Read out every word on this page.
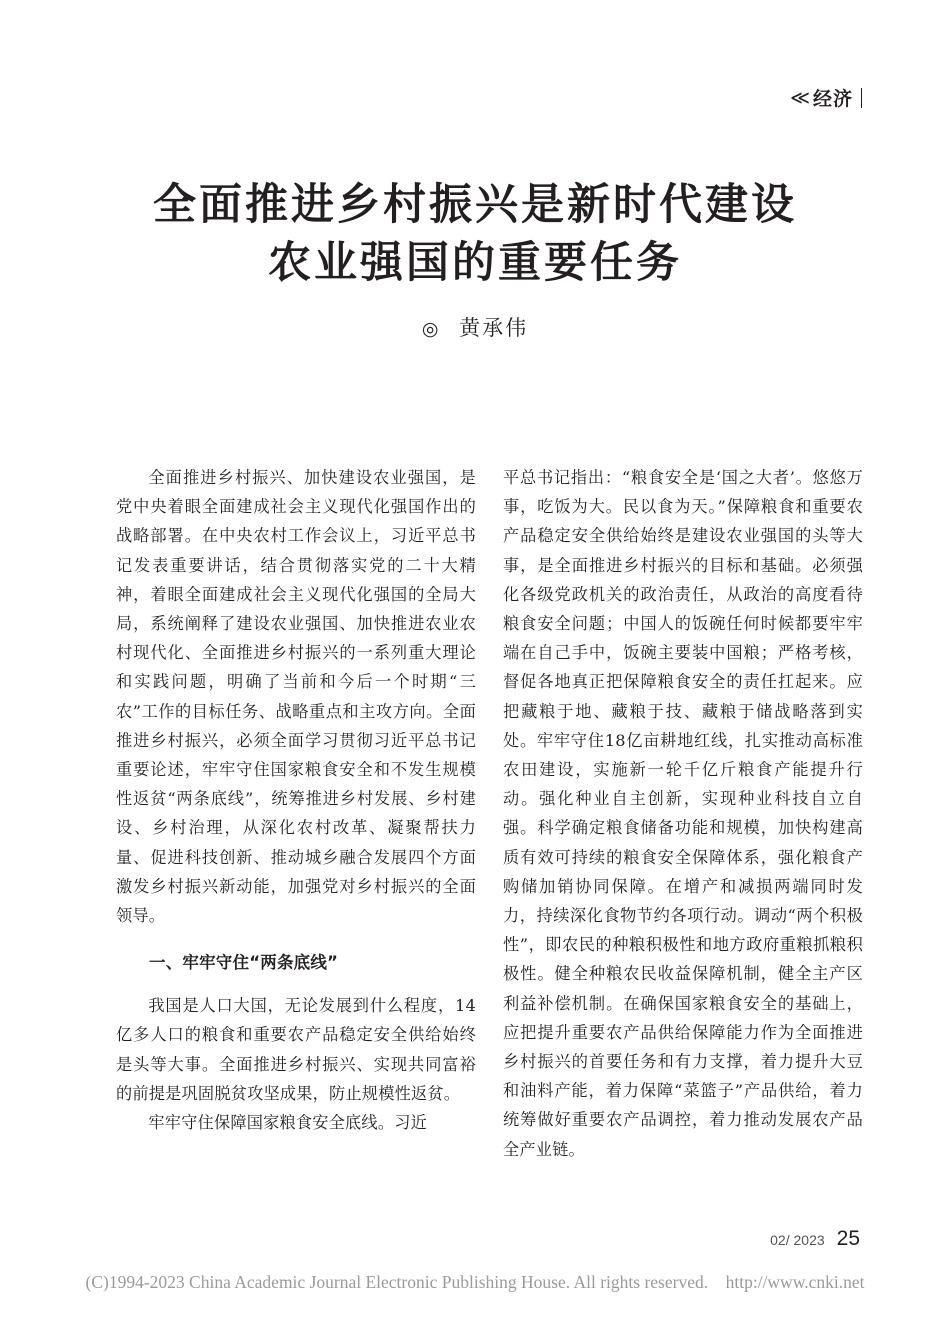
≪ 经济
全面推进乡村振兴是新时代建设
农业强国的重要任务
◎ 黄承伟

全面推进乡村振兴、加快建设农业强国，是党中央着眼全面建成社会主义现代化强国作出的战略部署。在中央农村工作会议上，习近平总书记发表重要讲话，结合贯彻落实党的二十大精神，着眼全面建成社会主义现代化强国的全局大局，系统阐释了建设农业强国、加快推进农业农村现代化、全面推进乡村振兴的一系列重大理论和实践问题，明确了当前和今后一个时期“三农”工作的目标任务、战略重点和主攻方向。全面推进乡村振兴，必须全面学习贯彻习近平总书记重要论述，牢牢守住国家粮食安全和不发生规模性返贫“两条底线”，统筹推进乡村发展、乡村建设、乡村治理，从深化农村改革、凝聚帮扶力量、促进科技创新、推动城乡融合发展四个方面激发乡村振兴新动能，加强党对乡村振兴的全面领导。

一、牢牢守住“两条底线”

我国是人口大国，无论发展到什么程度，14亿多人口的粮食和重要农产品稳定安全供给始终是头等大事。全面推进乡村振兴、实现共同富裕的前提是巩固脱贫攻坚成果，防止规模性返贫。

牢牢守住保障国家粮食安全底线。习近

平总书记指出：“粮食安全是‘国之大者’。悠悠万事，吃饭为大。民以食为天。”保障粮食和重要农产品稳定安全供给始终是建设农业强国的头等大事，是全面推进乡村振兴的目标和基础。必须强化各级党政机关的政治责任，从政治的高度看待粮食安全问题；中国人的饭碗任何时候都要牢牢端在自己手中，饭碗主要装中国粮；严格考核，督促各地真正把保障粮食安全的责任扛起来。应把藏粮于地、藏粮于技、藏粮于储战略落到实处。牢牢守住18亿亩耕地红线，扎实推动高标准农田建设，实施新一轮千亿斤粮食产能提升行动。强化种业自主创新，实现种业科技自立自强。科学确定粮食储备功能和规模，加快构建高质有效可持续的粮食安全保障体系，强化粮食产购储加销协同保障。在增产和减损两端同时发力，持续深化食物节约各项行动。调动“两个积极性”，即农民的种粮积极性和地方政府重粮抓粮积极性。健全种粮农民收益保障机制，健全主产区利益补偿机制。在确保国家粮食安全的基础上，应把提升重要农产品供给保障能力作为全面推进乡村振兴的首要任务和有力支撑，着力提升大豆和油料产能，着力保障“菜篮子”产品供给，着力统筹做好重要农产品调控，着力推动发展农产品全产业链。

02/ 2023 25
(C)1994-2023 China Academic Journal Electronic Publishing House. All rights reserved. http://www.cnki.net
